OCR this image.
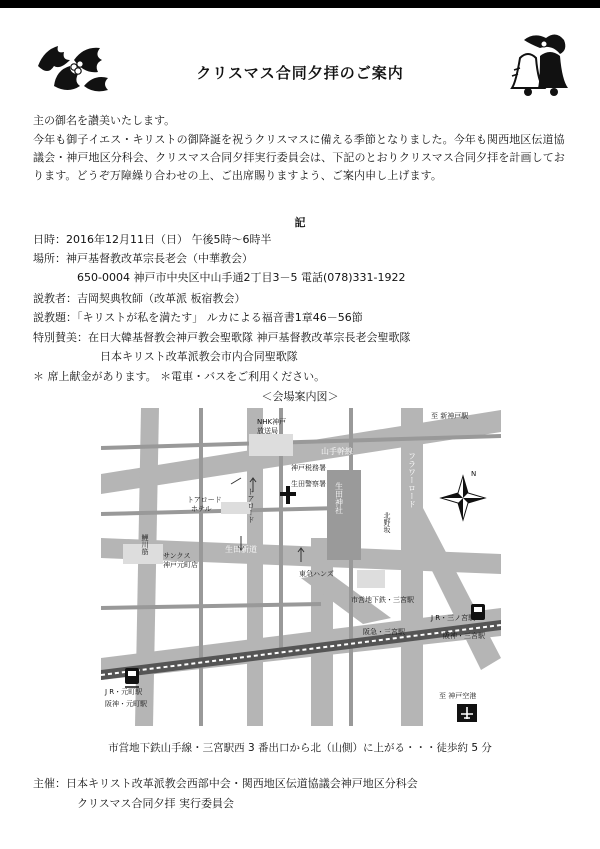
クリスマス合同夕拝のご案内
主の御名を讃美いたします。
今年も御子イエス・キリストの御降誕を祝うクリスマスに備える季節となりました。今年も関西地区伝道協議会・神戸地区分科会、クリスマス合同夕拝実行委員会は、下記のとおりクリスマス合同夕拝を計画しております。どうぞ万障繰り合わせの上、ご出席賜りますよう、ご案内申し上げます。
記
日時：2016年12月11日（日） 午後5時～6時半
場所：神戸基督教改革宗長老会（中華教会）
650-0004 神戸市中央区中山手通2丁目3－5 電話(078)331-1922
説教者：吉岡契典牧師（改革派 板宿教会）
説教題：「キリストが私を満たす」 ルカによる福音書1章46－56節
特別賛美：在日大韓基督教会神戸教会聖歌隊 神戸基督教改革宗長老会聖歌隊
日本キリスト改革派教会市内合同聖歌隊
＊ 席上献金があります。 ＊電車・バスをご利用ください。
＜会場案内図＞
N
NHK神戸
放送局
至 新神戸駅
山手幹線
神戸税務署
生田警察署 生田神社
トアロード
ホテル	トアロード	フラワーロード
北野坂
鯉川筋
サンクス
神戸元町店
生田新道
東急ハンズ
市営地下鉄・三宮駅
J R・三ノ宮駅
阪急・三宮駅	阪神・三宮駅
J R・元町駅
阪神・元町駅
至 神戸空港
市営地下鉄山手線・三宮駅西 3 番出口から北（山側）に上がる・・・徒歩約 5 分
主催：日本キリスト改革派教会西部中会・関西地区伝道協議会神戸地区分科会
クリスマス合同夕拝 実行委員会
